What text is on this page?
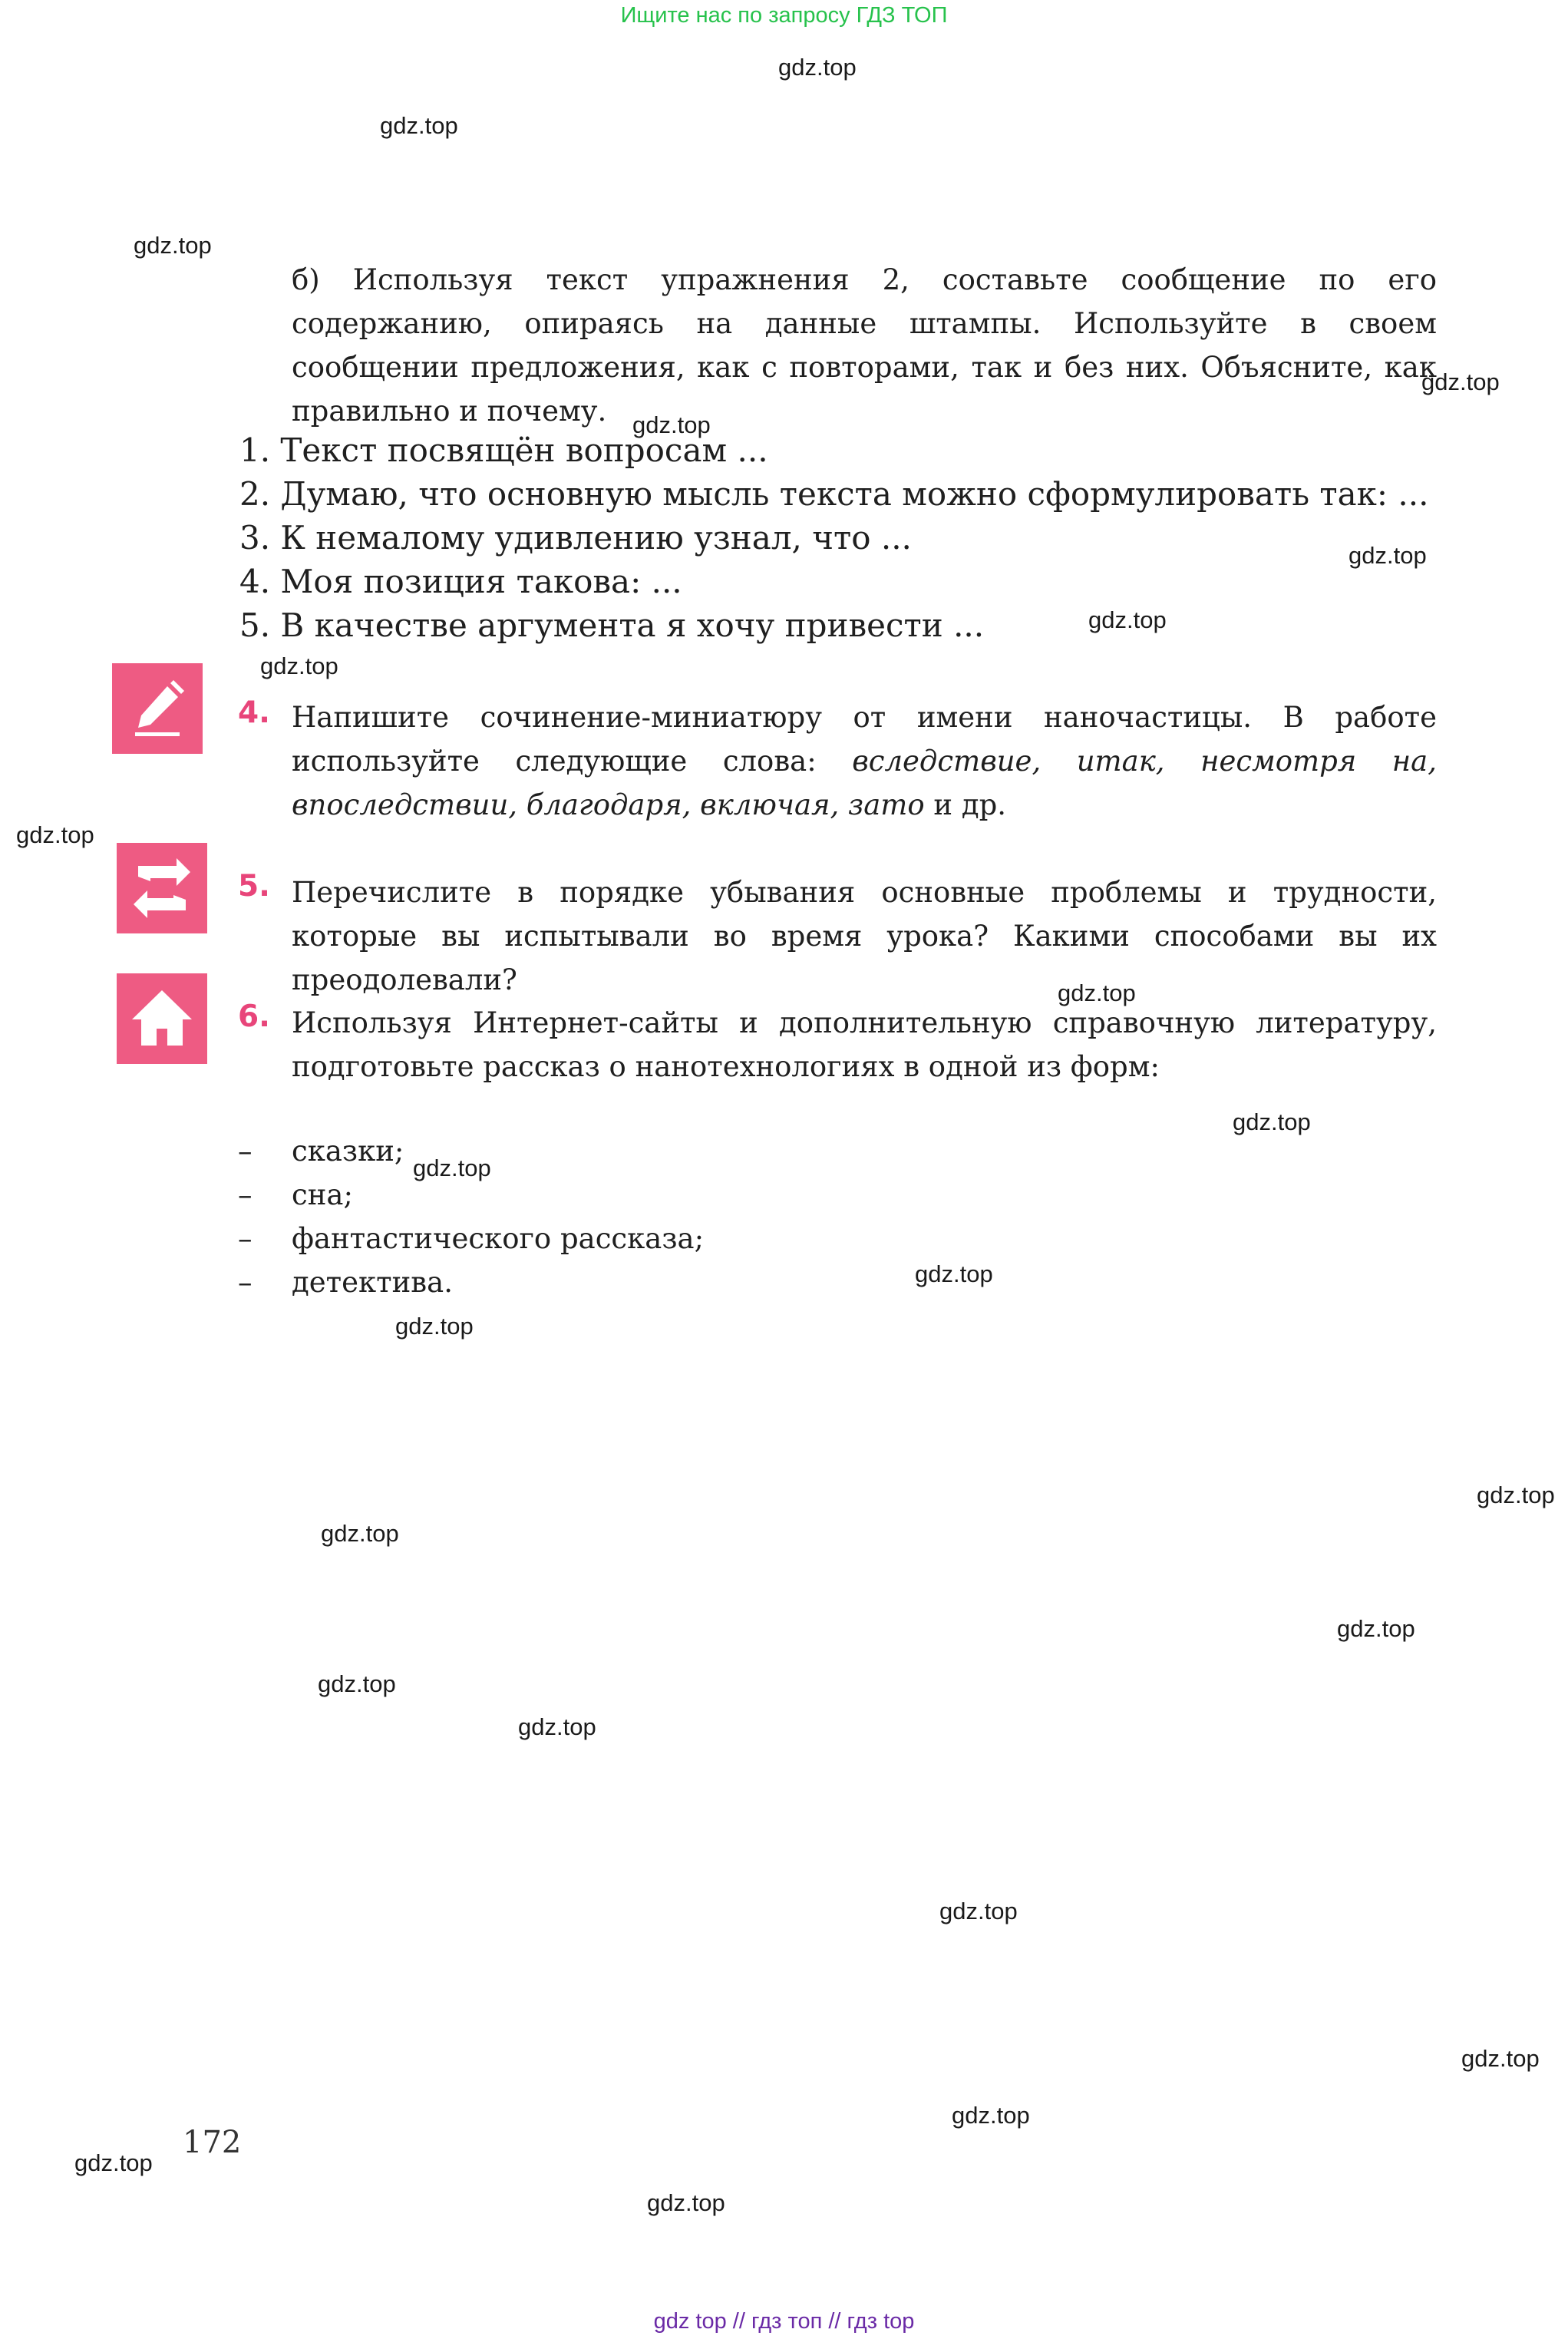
Ищите нас по запросу ГДЗ ТОП
б) Используя текст упражнения 2, составьте сообщение по его содержанию, опираясь на данные штампы. Используйте в своем сообщении предложения, как с повторами, так и без них. Объясните, как правильно и почему.
1. Текст посвящён вопросам ...
2. Думаю, что основную мысль текста можно сформулировать так: ...
3. К немалому удивлению узнал, что ...
4. Моя позиция такова: ...
5. В качестве аргумента я хочу привести ...
4. Напишите сочинение-миниатюру от имени наночастицы. В работе используйте следующие слова: вследствие, итак, несмотря на, впоследствии, благодаря, включая, зато и др.
5. Перечислите в порядке убывания основные проблемы и трудности, которые вы испытывали во время урока? Какими способами вы их преодолевали?
6. Используя Интернет-сайты и дополнительную справочную литературу, подготовьте рассказ о нанотехнологиях в одной из форм:
– сказки;
– сна;
– фантастического рассказа;
– детектива.
172
gdz.top
gdz.top
gdz.top
gdz.top
gdz.top
gdz.top
gdz.top
gdz.top
gdz.top
gdz.top
gdz.top
gdz.top
gdz.top
gdz.top
gdz.top
gdz.top
gdz.top
gdz.top
gdz.top
gdz.top
gdz.top
gdz.top
gdz.top
gdz.top
gdz top // гдз топ // гдз top
